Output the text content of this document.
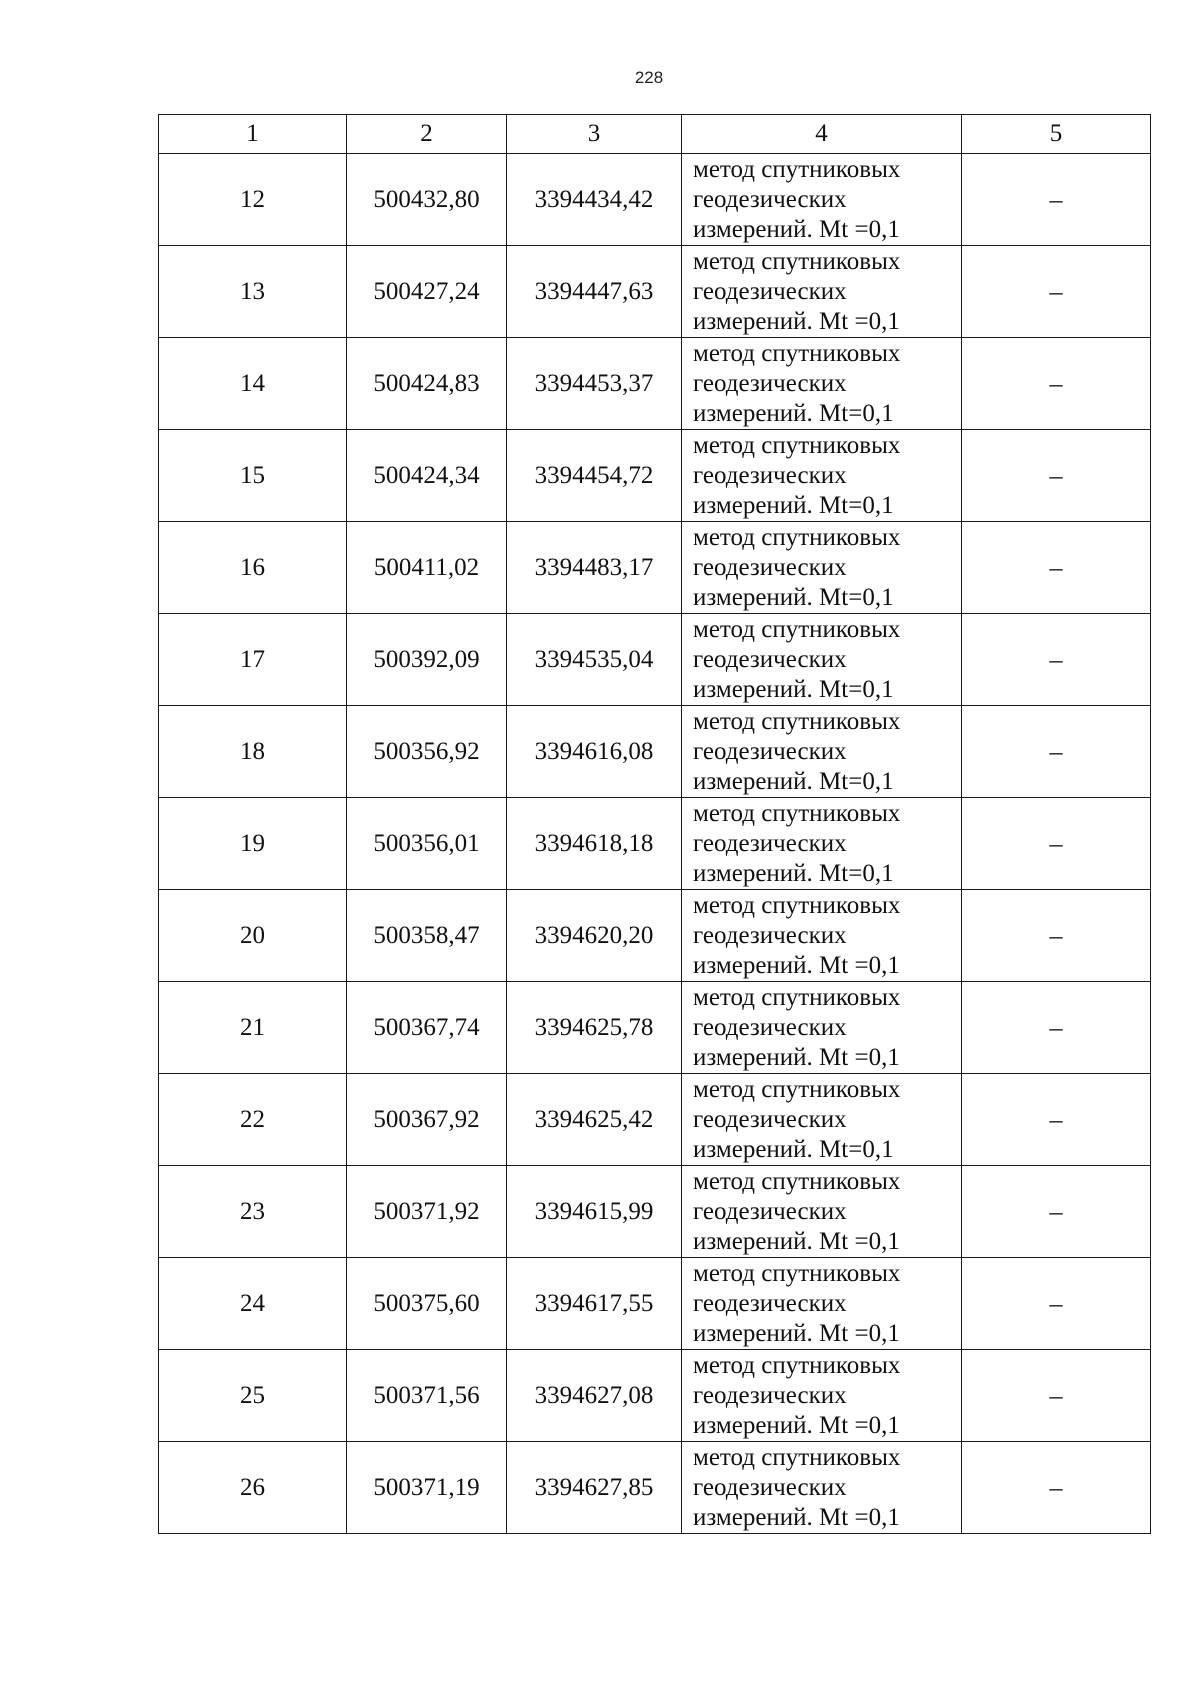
228
1	2	3	4	5
12	500432,80	3394434,42	метод спутниковых
геодезических
измерений. Mt =0,1	–
13	500427,24	3394447,63	метод спутниковых
геодезических
измерений. Mt =0,1	–
14	500424,83	3394453,37	метод спутниковых
геодезических
измерений. Mt=0,1	–
15	500424,34	3394454,72	метод спутниковых
геодезических
измерений. Mt=0,1	–
16	500411,02	3394483,17	метод спутниковых
геодезических
измерений. Mt=0,1	–
17	500392,09	3394535,04	метод спутниковых
геодезических
измерений. Mt=0,1	–
18	500356,92	3394616,08	метод спутниковых
геодезических
измерений. Mt=0,1	–
19	500356,01	3394618,18	метод спутниковых
геодезических
измерений. Mt=0,1	–
20	500358,47	3394620,20	метод спутниковых
геодезических
измерений. Mt =0,1	–
21	500367,74	3394625,78	метод спутниковых
геодезических
измерений. Mt =0,1	–
22	500367,92	3394625,42	метод спутниковых
геодезических
измерений. Mt=0,1	–
23	500371,92	3394615,99	метод спутниковых
геодезических
измерений. Mt =0,1	–
24	500375,60	3394617,55	метод спутниковых
геодезических
измерений. Mt =0,1	–
25	500371,56	3394627,08	метод спутниковых
геодезических
измерений. Mt =0,1	–
26	500371,19	3394627,85	метод спутниковых
геодезических
измерений. Mt =0,1	–
